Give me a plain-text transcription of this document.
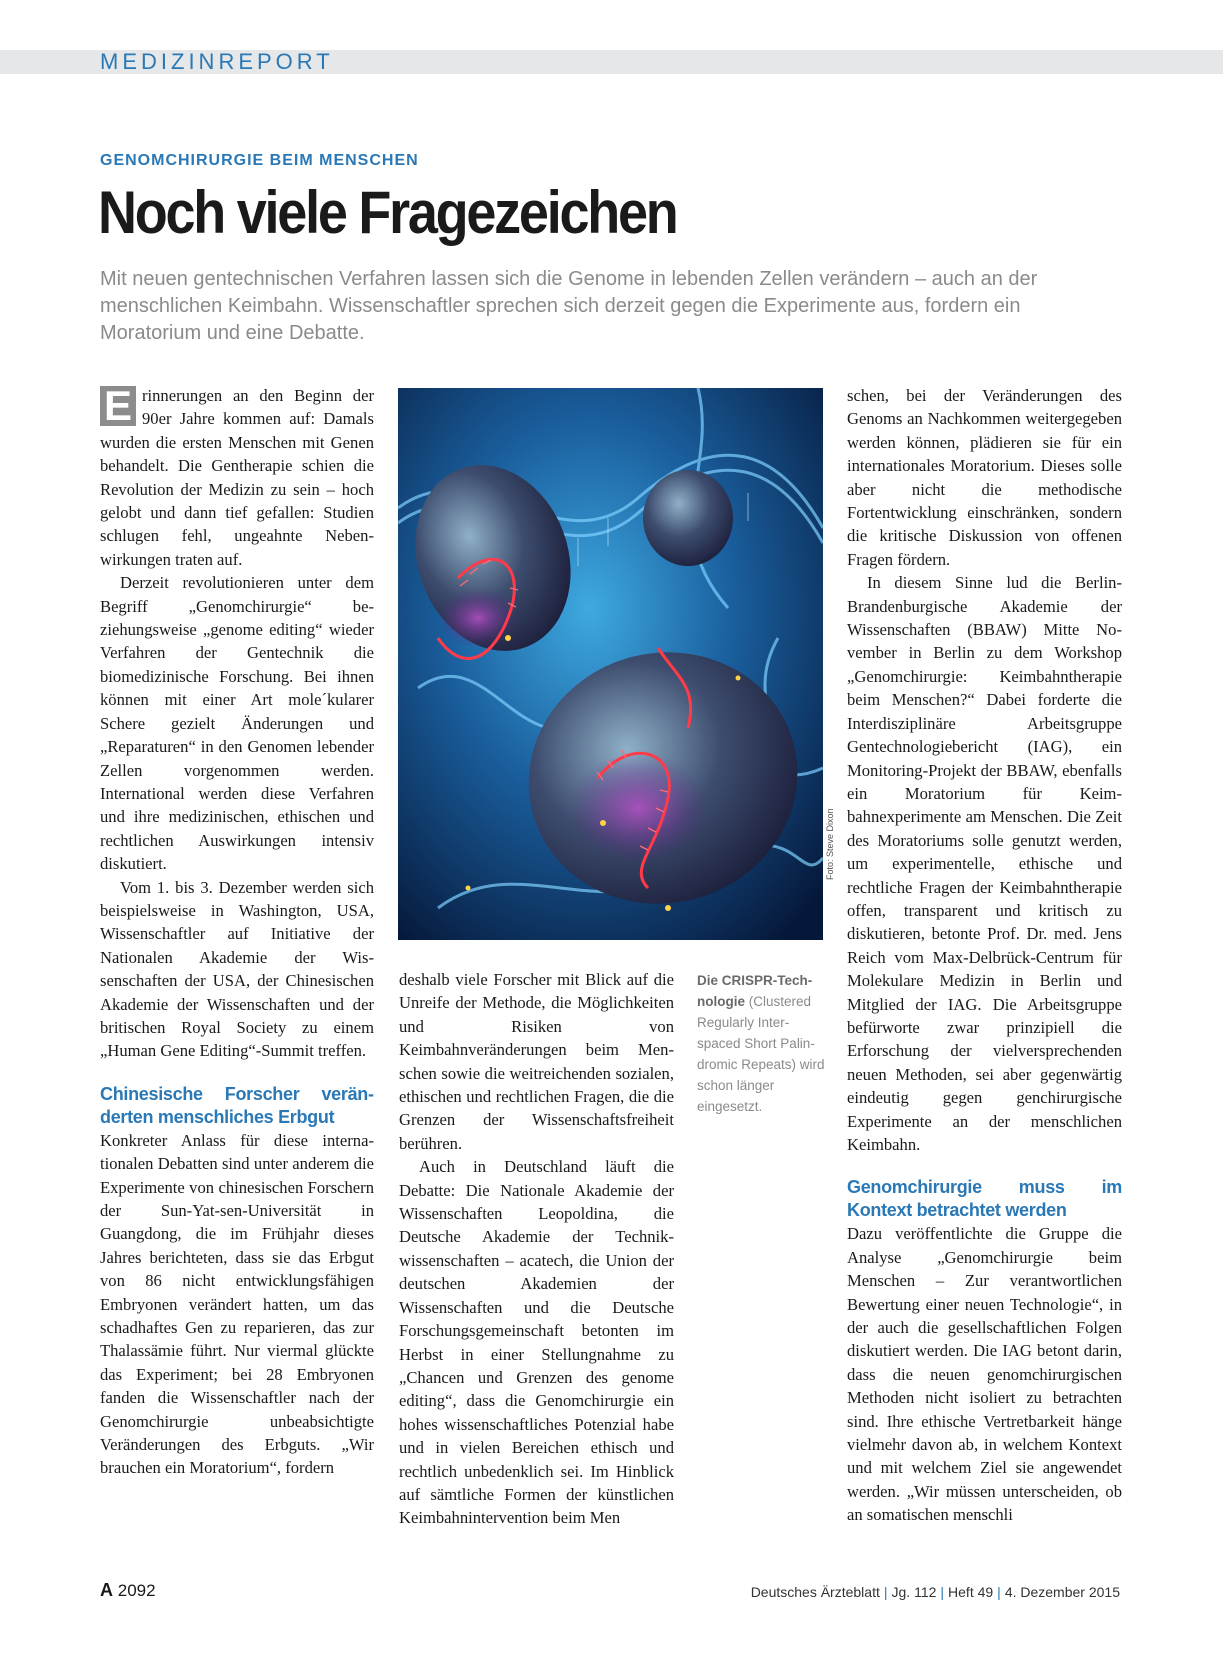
MEDIZINREPORT
GENOMCHIRURGIE BEIM MENSCHEN
Noch viele Fragezeichen
Mit neuen gentechnischen Verfahren lassen sich die Genome in lebenden Zellen verändern – auch an der menschlichen Keimbahn. Wissenschaftler sprechen sich derzeit gegen die Experimente aus, fordern ein Moratorium und eine Debatte.

E rinnerungen an den Beginn der 90er Jahre kommen auf: Damals wurden die ersten Menschen mit Genen behandelt. Die Gentherapie schien die Revolution der Medizin zu sein – hoch gelobt und dann tief gefallen: Studien schlugen fehl, ungeahnte Nebenwirkungen traten auf.

Derzeit revolutionieren unter dem Begriff „Genomchirurgie“ beziehungsweise „genome editing“ wieder Verfahren der Gentechnik die biomedizinische Forschung. Bei ihnen können mit einer Art mole´kularer Schere gezielt Änderungen und „Reparaturen“ in den Genomen lebender Zellen vorgenommen werden. International werden diese Verfahren und ihre medizinischen, ethischen und rechtlichen Auswirkungen intensiv diskutiert.

Vom 1. bis 3. Dezember werden sich beispielsweise in Washington, USA, Wissenschaftler auf Initiative der Nationalen Akademie der Wissenschaften der USA, der Chinesischen Akademie der Wissenschaften und der britischen Royal Society zu einem „Human Gene Editing“-Summit treffen.

Chinesische Forscher veränderten menschliches Erbgut

Konkreter Anlass für diese internationalen Debatten sind unter anderem die Experimente von chinesischen Forschern der Sun-Yat-sen-Universität in Guangdong, die im Frühjahr dieses Jahres berichteten, dass sie das Erbgut von 86 nicht entwicklungsfähigen Embryonen verändert hatten, um das schadhaftes Gen zu reparieren, das zur Thalassämie führt. Nur viermal glückte das Experiment; bei 28 Embryonen fanden die Wissenschaftler nach der Genomchirurgie unbeabsichtigte Veränderungen des Erbguts. „Wir brauchen ein Moratorium“, fordern

Foto: Steve Dixon

deshalb viele Forscher mit Blick auf die Unreife der Methode, die Möglichkeiten und Risiken von Keimbahnveränderungen beim Menschen sowie die weitreichenden sozialen, ethischen und rechtlichen Fragen, die die Grenzen der Wissenschaftsfreiheit berühren.

Auch in Deutschland läuft die Debatte: Die Nationale Akademie der Wissenschaften Leopoldina, die Deutsche Akademie der Technikwissenschaften – acatech, die Union der deutschen Akademien der Wissenschaften und die Deutsche Forschungsgemeinschaft betonten im Herbst in einer Stellungnahme zu „Chancen und Grenzen des genome editing“, dass die Genomchirurgie ein hohes wissenschaftliches Potenzial habe und in vielen Bereichen ethisch und rechtlich unbedenklich sei. Im Hinblick auf sämtliche Formen der künstlichen Keimbahnintervention beim Men

Die CRISPR-Technologie (Clustered Regularly Interspaced Short Palindromic Repeats) wird schon länger eingesetzt.

schen, bei der Veränderungen des Genoms an Nachkommen weitergegeben werden können, plädieren sie für ein internationales Moratorium. Dieses solle aber nicht die methodische Fortentwicklung einschränken, sondern die kritische Diskussion von offenen Fragen fördern.

In diesem Sinne lud die Berlin-Brandenburgische Akademie der Wissenschaften (BBAW) Mitte November in Berlin zu dem Workshop „Genomchirurgie: Keimbahntherapie beim Menschen?“ Dabei forderte die Interdisziplinäre Arbeitsgruppe Gentechnologiebericht (IAG), ein Monitoring-Projekt der BBAW, ebenfalls ein Moratorium für Keimbahnexperimente am Menschen. Die Zeit des Moratoriums solle genutzt werden, um experimentelle, ethische und rechtliche Fragen der Keimbahntherapie offen, transparent und kritisch zu diskutieren, betonte Prof. Dr. med. Jens Reich vom Max-Delbrück-Centrum für Molekulare Medizin in Berlin und Mitglied der IAG. Die Arbeitsgruppe befürworte zwar prinzipiell die Erforschung der vielversprechenden neuen Methoden, sei aber gegenwärtig eindeutig gegen genchirurgische Experimente an der menschlichen Keimbahn.

Genomchirurgie muss im Kontext betrachtet werden

Dazu veröffentlichte die Gruppe die Analyse „Genomchirurgie beim Menschen – Zur verantwortlichen Bewertung einer neuen Technologie“, in der auch die gesellschaftlichen Folgen diskutiert werden. Die IAG betont darin, dass die neuen genomchirurgischen Methoden nicht isoliert zu betrachten sind. Ihre ethische Vertretbarkeit hänge vielmehr davon ab, in welchem Kontext und mit welchem Ziel sie angewendet werden. „Wir müssen unterscheiden, ob an somatischen menschli

A 2092	Deutsches Ärzteblatt | Jg. 112 | Heft 49 | 4. Dezember 2015
